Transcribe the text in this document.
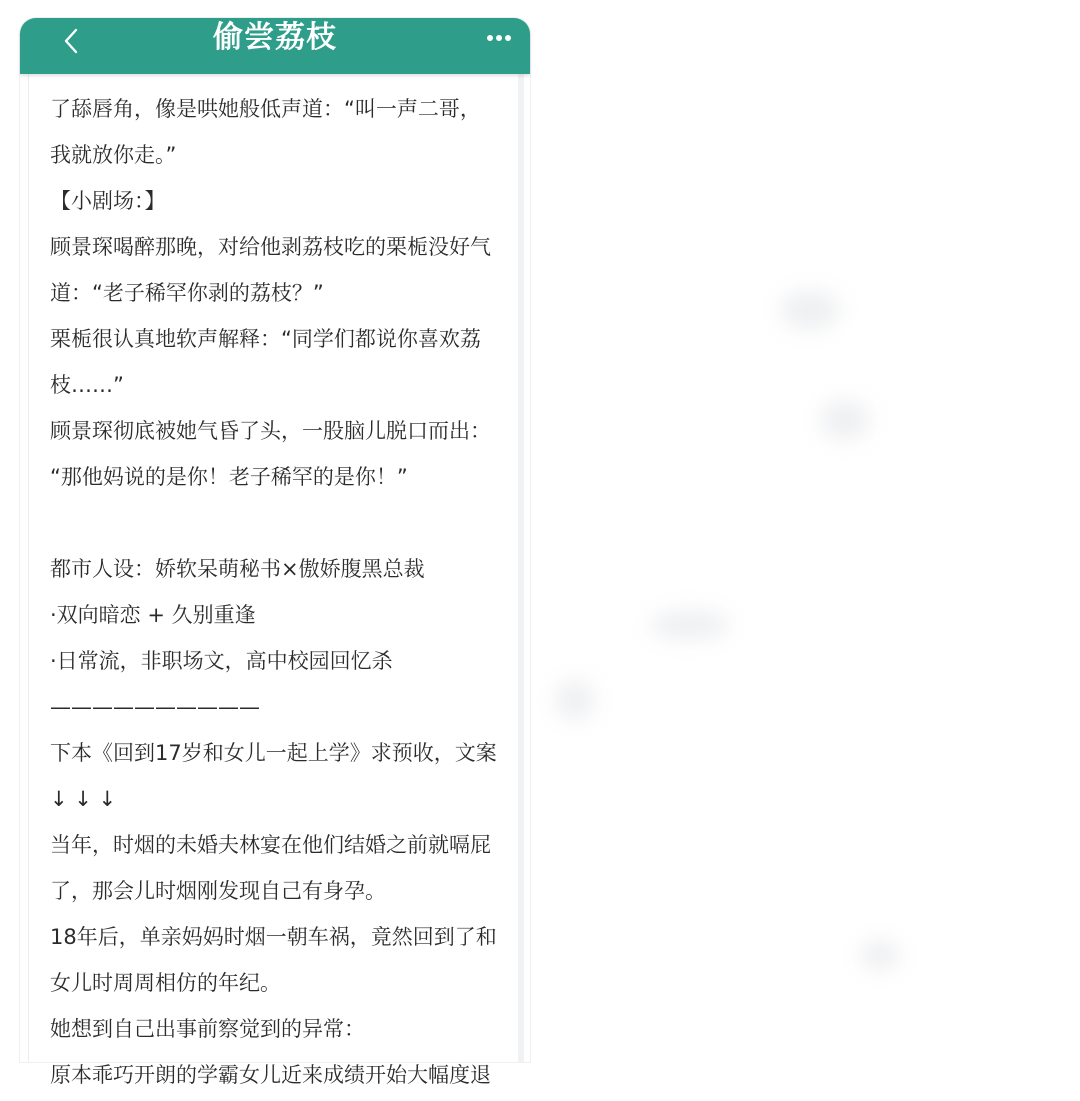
偷尝荔枝
了舔唇角，像是哄她般低声道：“叫一声二哥，
我就放你走。”
【小剧场：】
顾景琛喝醉那晚，对给他剥荔枝吃的栗栀没好气
道：“老子稀罕你剥的荔枝？”
栗栀很认真地软声解释：“同学们都说你喜欢荔
枝……”
顾景琛彻底被她气昏了头，一股脑儿脱口而出：
“那他妈说的是你！老子稀罕的是你！”
都市人设：娇软呆萌秘书×傲娇腹黑总裁
·双向暗恋 + 久别重逢
·日常流，非职场文，高中校园回忆杀
——————————
下本《回到17岁和女儿一起上学》求预收，文案
↓ ↓ ↓
当年，时烟的未婚夫林宴在他们结婚之前就嗝屁
了，那会儿时烟刚发现自己有身孕。
18年后，单亲妈妈时烟一朝车祸，竟然回到了和
女儿时周周相仿的年纪。
她想到自己出事前察觉到的异常：
原本乖巧开朗的学霸女儿近来成绩开始大幅度退
